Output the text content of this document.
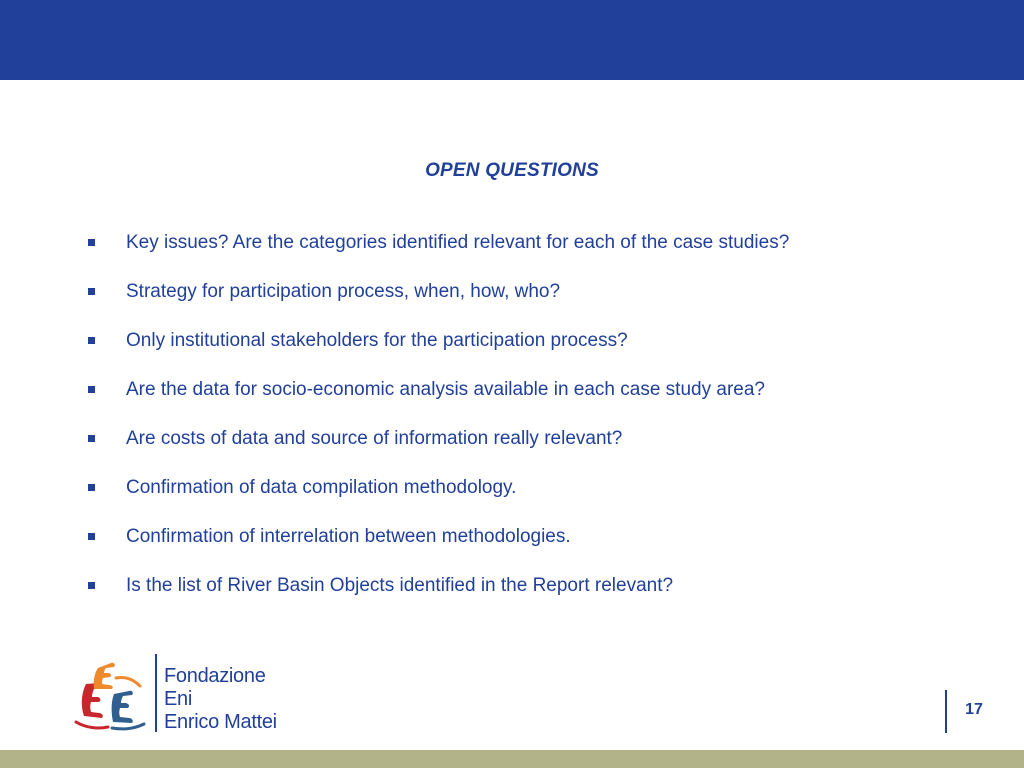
OPEN QUESTIONS
Key issues? Are the categories identified relevant for each of the case studies?
Strategy for participation process, when, how, who?
Only institutional stakeholders for the participation process?
Are the data for socio-economic analysis available in each case study area?
Are costs of data and source of information really relevant?
Confirmation of data compilation methodology.
Confirmation of interrelation between methodologies.
Is the list of River Basin Objects identified in the Report relevant?
Fondazione
Eni
Enrico Mattei
17
